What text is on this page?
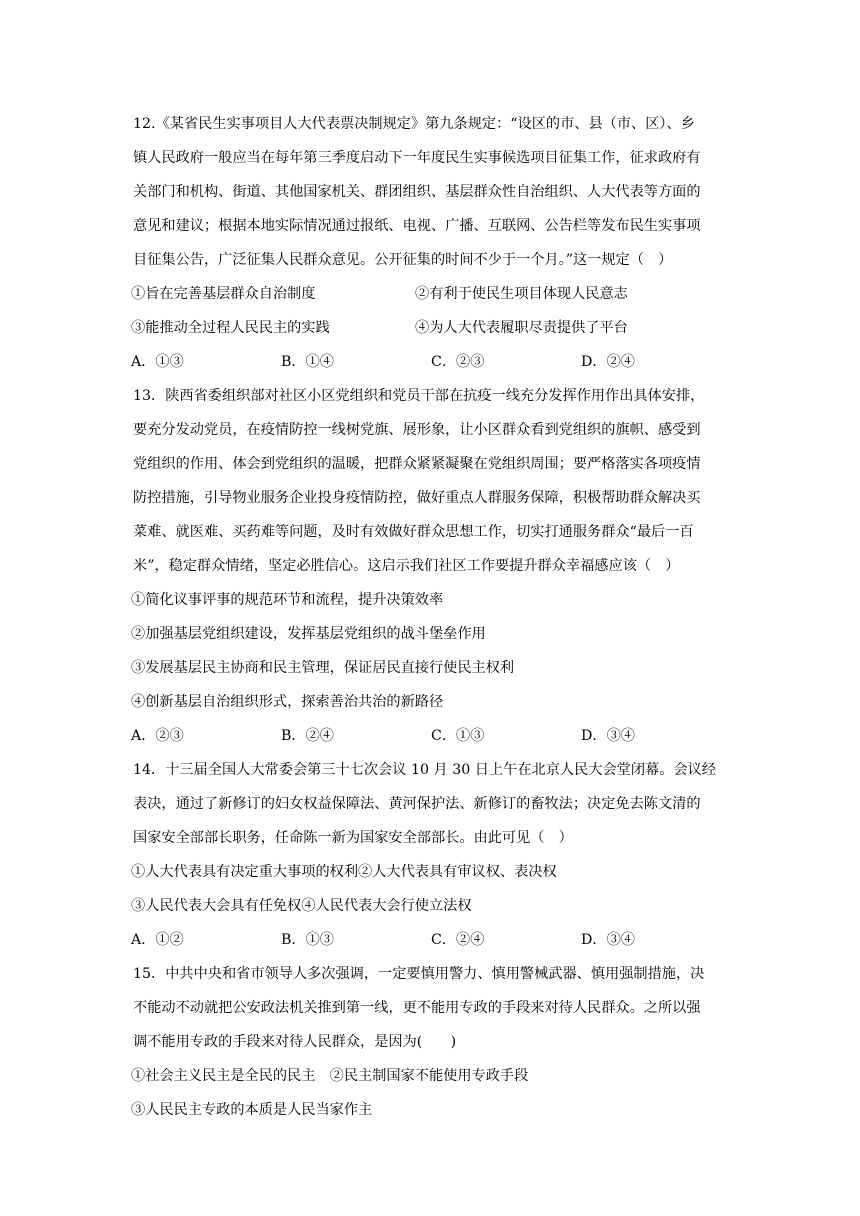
12.《某省民生实事项目人大代表票决制规定》第九条规定：“设区的市、县（市、区）、乡
镇人民政府一般应当在每年第三季度启动下一年度民生实事候选项目征集工作，征求政府有
关部门和机构、街道、其他国家机关、群团组织、基层群众性自治组织、人大代表等方面的
意见和建议；根据本地实际情况通过报纸、电视、广播、互联网、公告栏等发布民生实事项
目征集公告，广泛征集人民群众意见。公开征集的时间不少于一个月。”这一规定（　）
①旨在完善基层群众自治制度	②有利于使民生项目体现人民意志
③能推动全过程人民民主的实践	④为人大代表履职尽责提供了平台
A．①③	B．①④	C．②③	D．②④
13．陕西省委组织部对社区小区党组织和党员干部在抗疫一线充分发挥作用作出具体安排，
要充分发动党员，在疫情防控一线树党旗、展形象，让小区群众看到党组织的旗帜、感受到
党组织的作用、体会到党组织的温暖，把群众紧紧凝聚在党组织周围；要严格落实各项疫情
防控措施，引导物业服务企业投身疫情防控，做好重点人群服务保障，积极帮助群众解决买
菜难、就医难、买药难等问题，及时有效做好群众思想工作，切实打通服务群众“最后一百
米”，稳定群众情绪，坚定必胜信心。这启示我们社区工作要提升群众幸福感应该（　）
①简化议事评事的规范环节和流程，提升决策效率
②加强基层党组织建设，发挥基层党组织的战斗堡垒作用
③发展基层民主协商和民主管理，保证居民直接行使民主权利
④创新基层自治组织形式，探索善治共治的新路径
A．②③	B．②④	C．①③	D．③④
14．十三届全国人大常委会第三十七次会议 10 月 30 日上午在北京人民大会堂闭幕。会议经
表决，通过了新修订的妇女权益保障法、黄河保护法、新修订的畜牧法；决定免去陈文清的
国家安全部部长职务，任命陈一新为国家安全部部长。由此可见（　）
①人大代表具有决定重大事项的权利②人大代表具有审议权、表决权
③人民代表大会具有任免权④人民代表大会行使立法权
A．①②	B．①③	C．②④	D．③④
15．中共中央和省市领导人多次强调，一定要慎用警力、慎用警械武器、慎用强制措施，决
不能动不动就把公安政法机关推到第一线，更不能用专政的手段来对待人民群众。之所以强
调不能用专政的手段来对待人民群众，是因为(　　)
①社会主义民主是全民的民主　②民主制国家不能使用专政手段
③人民民主专政的本质是人民当家作主
